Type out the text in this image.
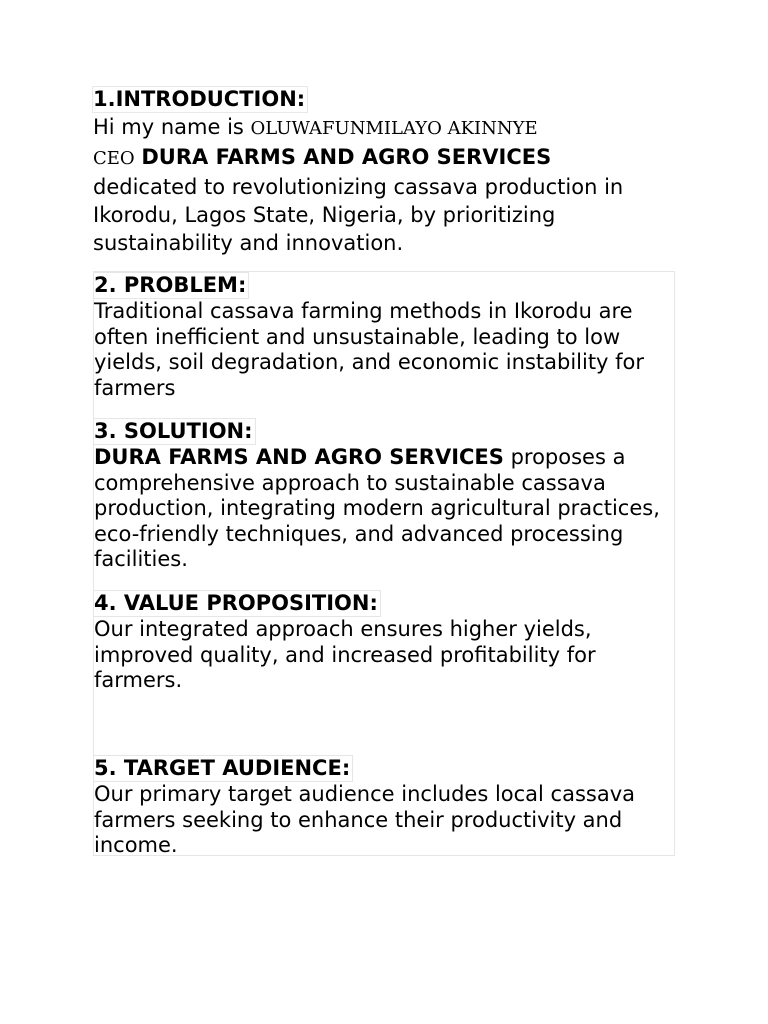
1.INTRODUCTION:
Hi my name is OLUWAFUNMILAYO AKINNYE
CEO DURA FARMS AND AGRO SERVICES
dedicated to revolutionizing cassava production in Ikorodu, Lagos State, Nigeria, by prioritizing sustainability and innovation.
2. PROBLEM:
Traditional cassava farming methods in Ikorodu are often inefficient and unsustainable, leading to low yields, soil degradation, and economic instability for farmers
3. SOLUTION:
DURA FARMS AND AGRO SERVICES proposes a comprehensive approach to sustainable cassava production, integrating modern agricultural practices, eco-friendly techniques, and advanced processing facilities.
4. VALUE PROPOSITION:
Our integrated approach ensures higher yields, improved quality, and increased profitability for farmers.
5. TARGET AUDIENCE:
Our primary target audience includes local cassava farmers seeking to enhance their productivity and income.
